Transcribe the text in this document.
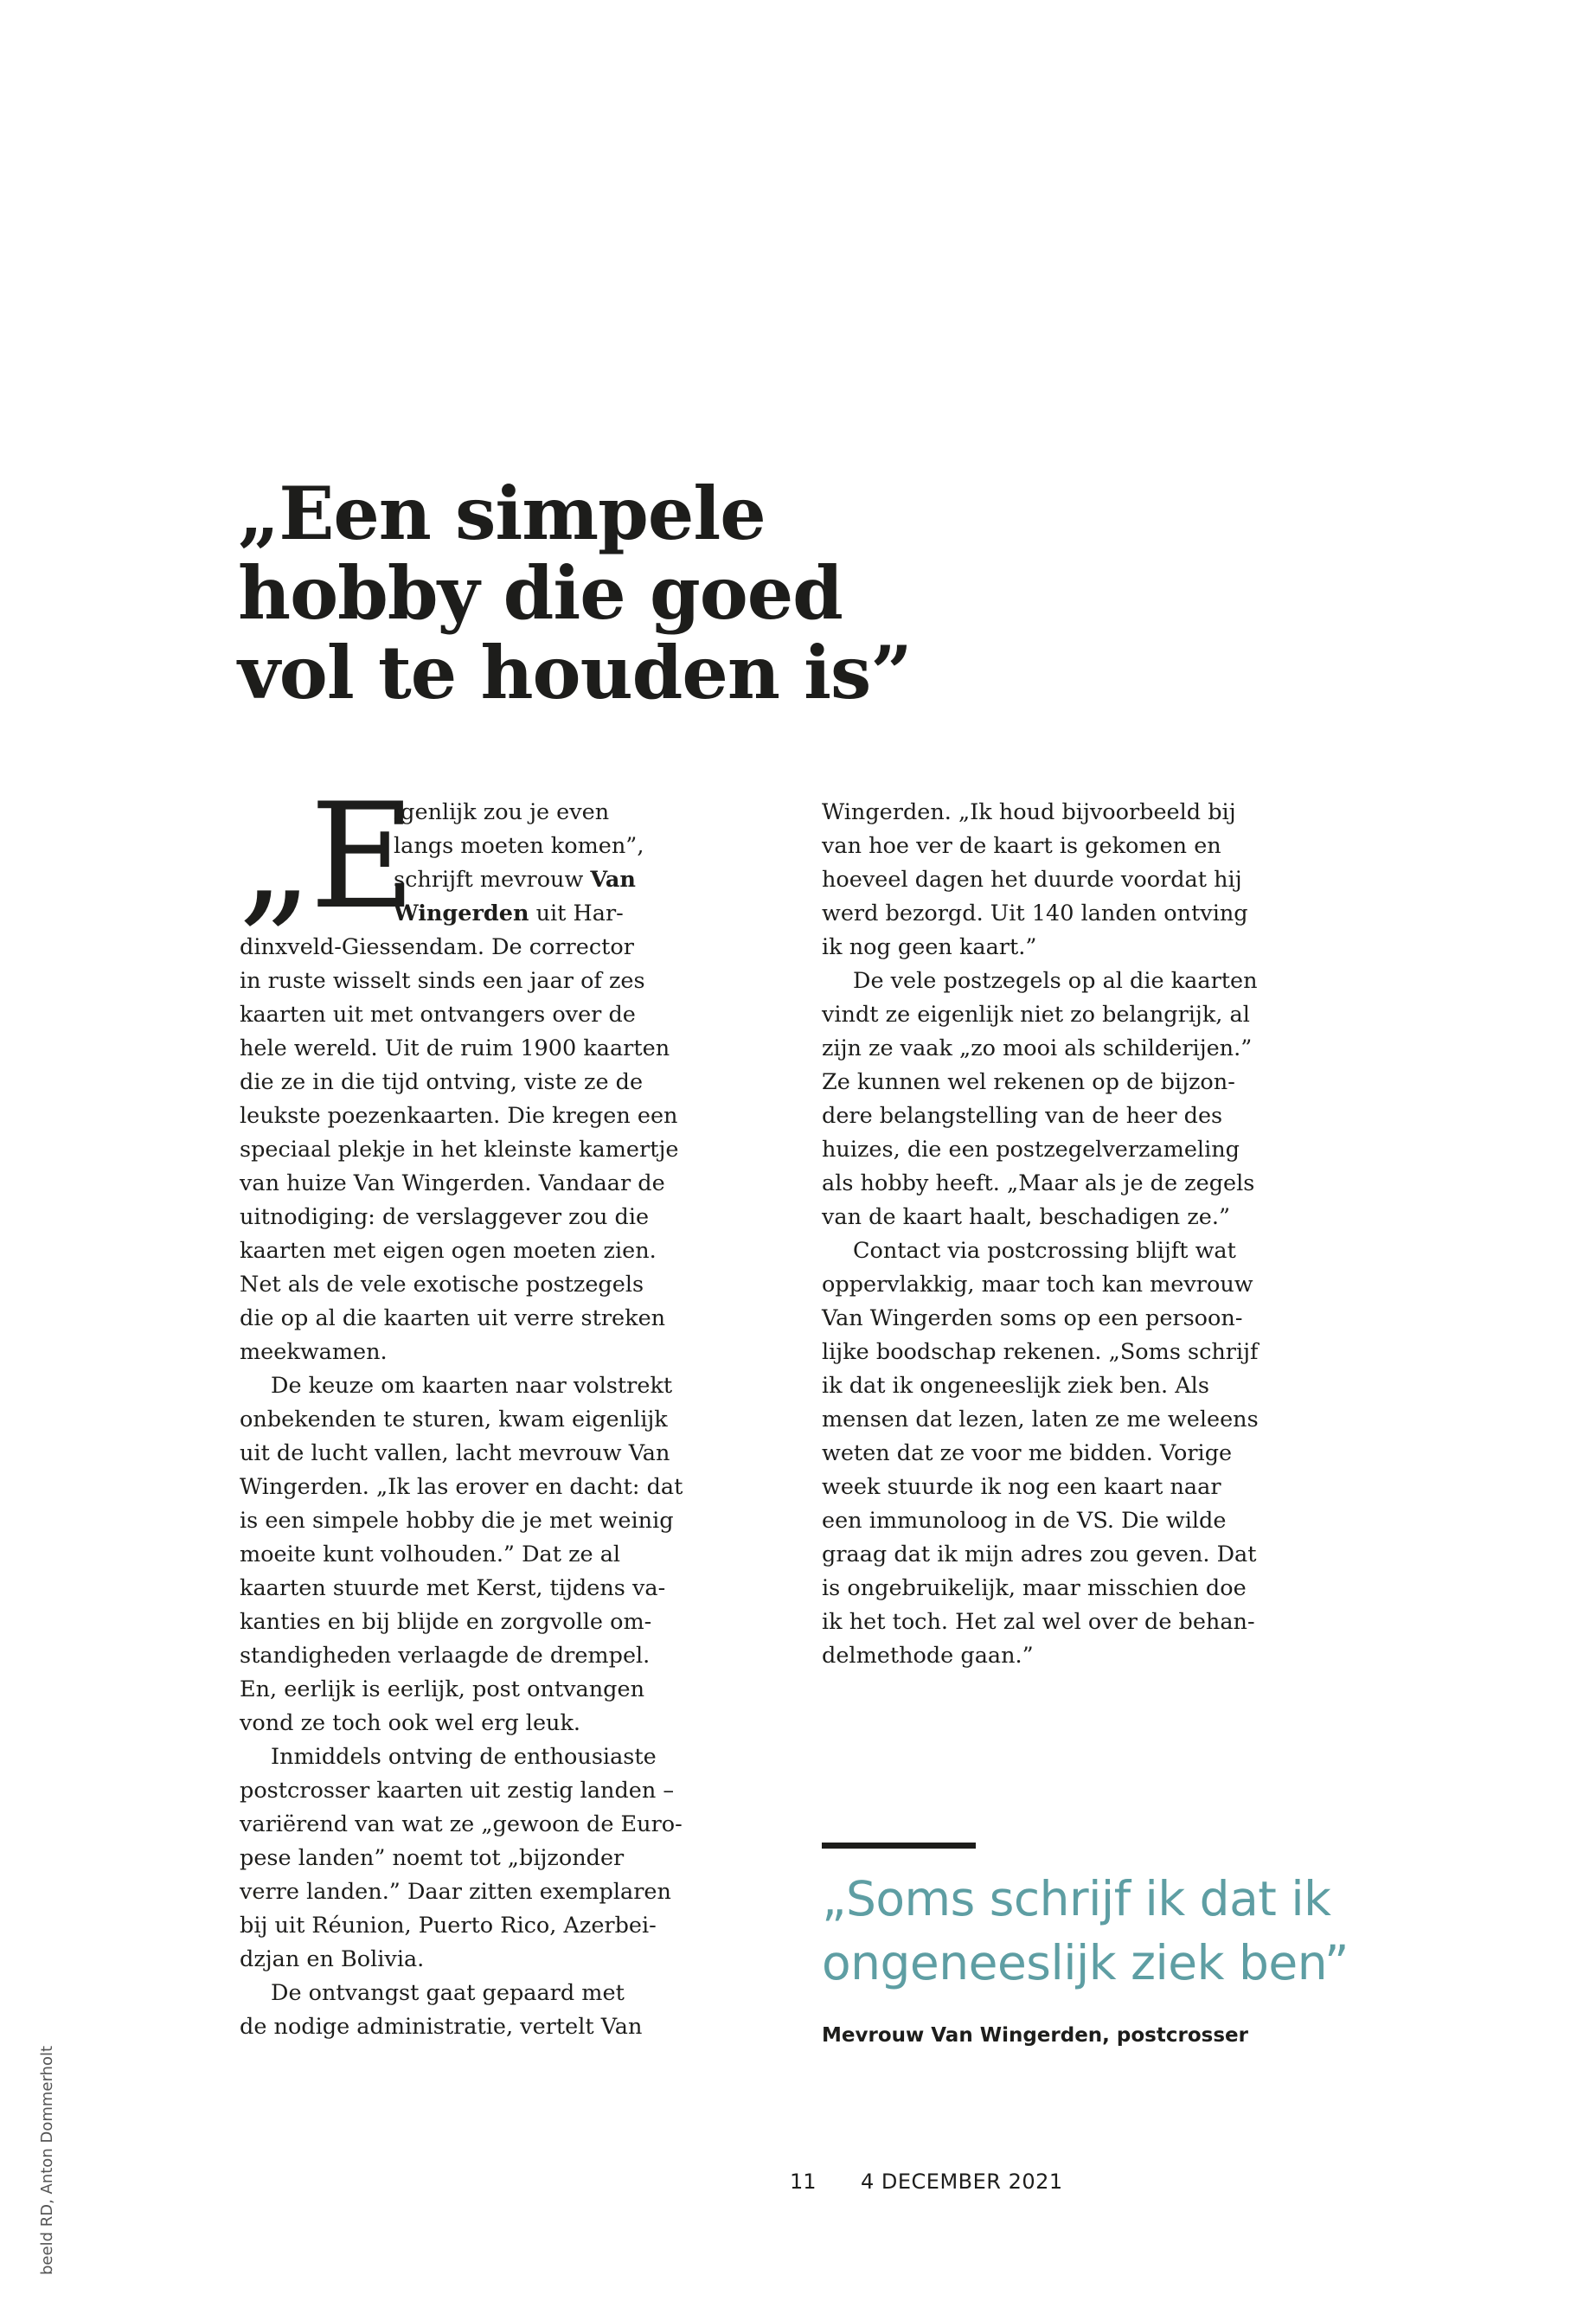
„Een simpele
hobby die goed
vol te houden is”
„E
igenlijk zou je even
langs moeten komen”,
schrijft mevrouw Van
Wingerden uit Har-

dinxveld-Giessendam. De corrector
in ruste wisselt sinds een jaar of zes
kaarten uit met ontvangers over de
hele wereld. Uit de ruim 1900 kaarten
die ze in die tijd ontving, viste ze de
leukste poezenkaarten. Die kregen een
speciaal plekje in het kleinste kamertje
van huize Van Wingerden. Vandaar de
uitnodiging: de verslaggever zou die
kaarten met eigen ogen moeten zien.
Net als de vele exotische postzegels
die op al die kaarten uit verre streken
meekwamen.

De keuze om kaarten naar volstrekt
onbekenden te sturen, kwam eigenlijk
uit de lucht vallen, lacht mevrouw Van
Wingerden. „Ik las erover en dacht: dat
is een simpele hobby die je met weinig
moeite kunt volhouden.” Dat ze al
kaarten stuurde met Kerst, tijdens va-
kanties en bij blijde en zorgvolle om-
standigheden verlaagde de drempel.
En, eerlijk is eerlijk, post ontvangen
vond ze toch ook wel erg leuk.

Inmiddels ontving de enthousiaste
postcrosser kaarten uit zestig landen –
variërend van wat ze „gewoon de Euro-
pese landen” noemt tot „bijzonder
verre landen.” Daar zitten exemplaren
bij uit Réunion, Puerto Rico, Azerbei-
dzjan en Bolivia.

De ontvangst gaat gepaard met
de nodige administratie, vertelt Van

Wingerden. „Ik houd bijvoorbeeld bij
van hoe ver de kaart is gekomen en
hoeveel dagen het duurde voordat hij
werd bezorgd. Uit 140 landen ontving
ik nog geen kaart.”

De vele postzegels op al die kaarten
vindt ze eigenlijk niet zo belangrijk, al
zijn ze vaak „zo mooi als schilderijen.”
Ze kunnen wel rekenen op de bijzon-
dere belangstelling van de heer des
huizes, die een postzegelverzameling
als hobby heeft. „Maar als je de zegels
van de kaart haalt, beschadigen ze.”

Contact via postcrossing blijft wat
oppervlakkig, maar toch kan mevrouw
Van Wingerden soms op een persoon-
lijke boodschap rekenen. „Soms schrijf
ik dat ik ongeneeslijk ziek ben. Als
mensen dat lezen, laten ze me weleens
weten dat ze voor me bidden. Vorige
week stuurde ik nog een kaart naar
een immunoloog in de VS. Die wilde
graag dat ik mijn adres zou geven. Dat
is ongebruikelijk, maar misschien doe
ik het toch. Het zal wel over de behan-
delmethode gaan.”

„Soms schrijf ik dat ik
ongeneeslijk ziek ben”
Mevrouw Van Wingerden, postcrosser
beeld RD, Anton Dommerholt	11 4 DECEMBER 2021
